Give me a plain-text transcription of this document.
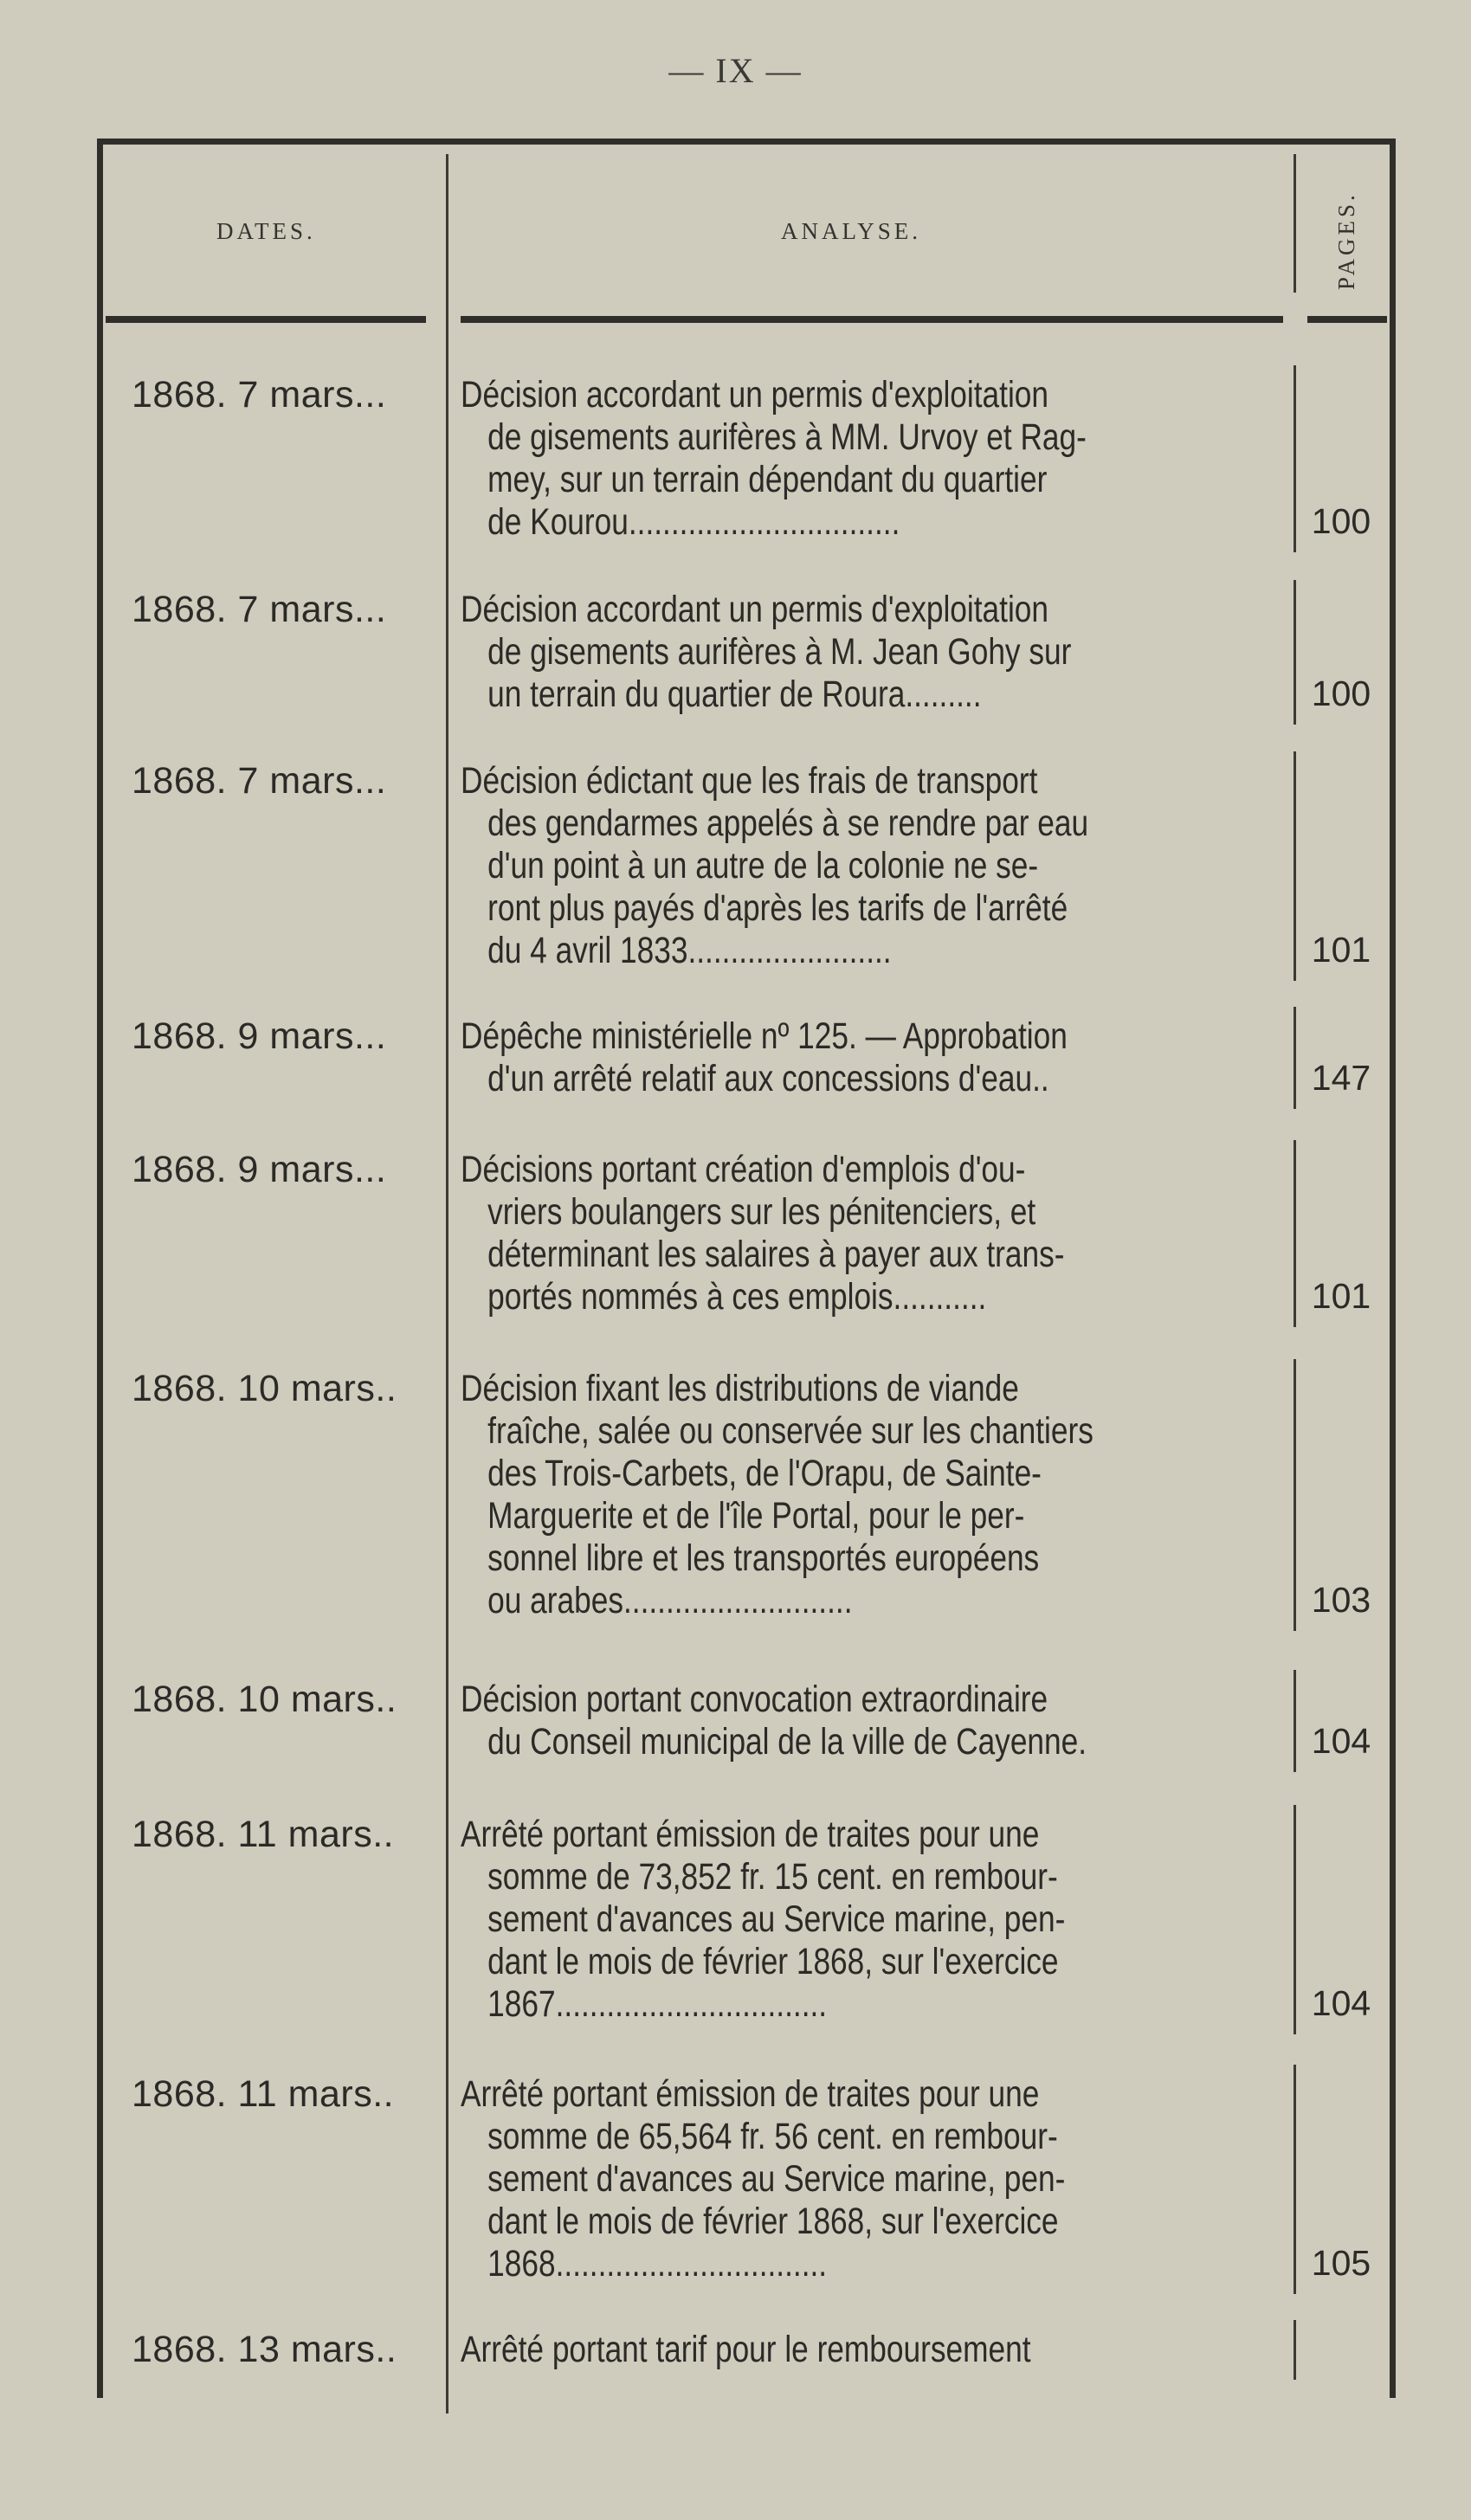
— IX —
DATES.	ANALYSE.	PAGES.
1868. 7 mars... Décision accordant un permis d'exploitation
de gisements aurifères à MM. Urvoy et Rag-
mey, sur un terrain dépendant du quartier
de Kourou................................	100
1868. 7 mars... Décision accordant un permis d'exploitation
de gisements aurifères à M. Jean Gohy sur
un terrain du quartier de Roura.........	100
1868. 7 mars... Décision édictant que les frais de transport
des gendarmes appelés à se rendre par eau
d'un point à un autre de la colonie ne se-
ront plus payés d'après les tarifs de l'arrêté
du 4 avril 1833........................	101
1868. 9 mars... Dépêche ministérielle nº 125. — Approbation
d'un arrêté relatif aux concessions d'eau..	147
1868. 9 mars... Décisions portant création d'emplois d'ou-
vriers boulangers sur les pénitenciers, et
déterminant les salaires à payer aux trans-
portés nommés à ces emplois...........	101
1868. 10 mars.. Décision fixant les distributions de viande
fraîche, salée ou conservée sur les chantiers
des Trois-Carbets, de l'Orapu, de Sainte-
Marguerite et de l'île Portal, pour le per-
sonnel libre et les transportés européens
ou arabes...........................	103
1868. 10 mars.. Décision portant convocation extraordinaire
du Conseil municipal de la ville de Cayenne.	104
1868. 11 mars.. Arrêté portant émission de traites pour une
somme de 73,852 fr. 15 cent. en rembour-
sement d'avances au Service marine, pen-
dant le mois de février 1868, sur l'exercice
1867................................	104
1868. 11 mars.. Arrêté portant émission de traites pour une
somme de 65,564 fr. 56 cent. en rembour-
sement d'avances au Service marine, pen-
dant le mois de février 1868, sur l'exercice
1868................................	105
1868. 13 mars.. Arrêté portant tarif pour le remboursement
